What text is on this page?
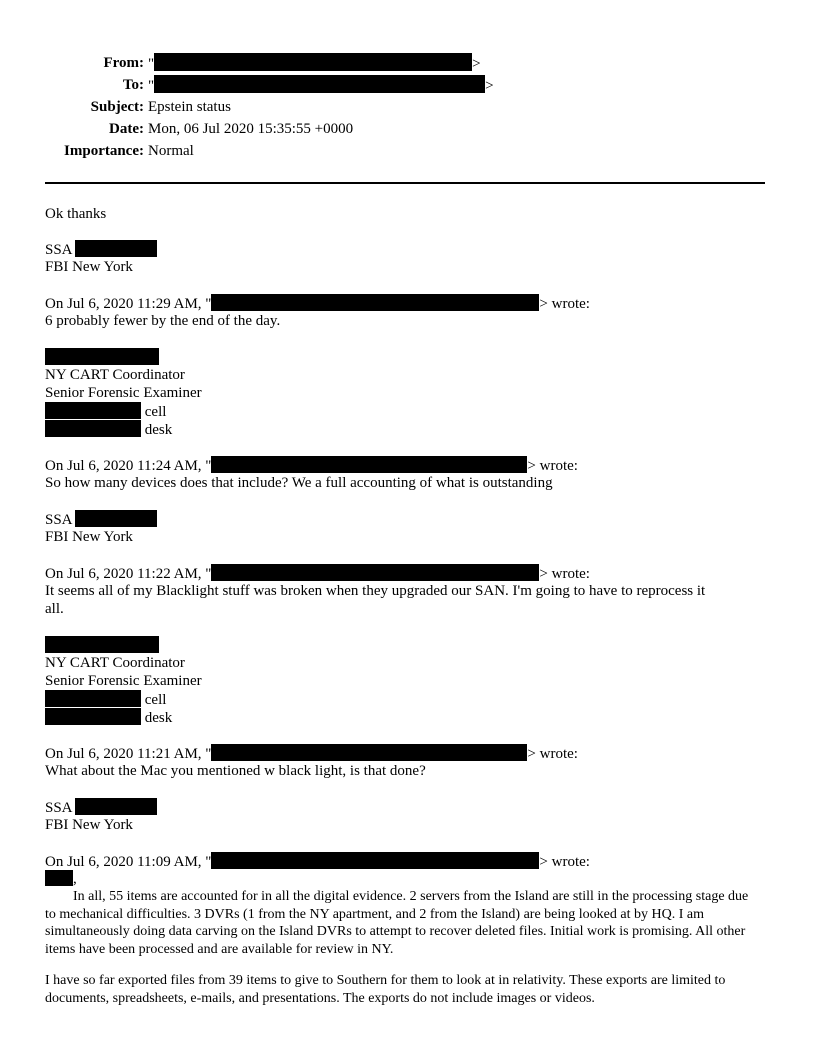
From: "	>
To: "	>
Subject: Epstein status
Date: Mon, 06 Jul 2020 15:35:55 +0000
Importance: Normal
Ok thanks
SSA
FBI New York
On Jul 6, 2020 11:29 AM, "	> wrote:
6 probably fewer by the end of the day.
NY CART Coordinator
Senior Forensic Examiner
cell
desk
On Jul 6, 2020 11:24 AM, "	> wrote:
So how many devices does that include? We a full accounting of what is outstanding
SSA
FBI New York
On Jul 6, 2020 11:22 AM, "	> wrote:
It seems all of my Blacklight stuff was broken when they upgraded our SAN. I'm going to have to reprocess it
all.
NY CART Coordinator
Senior Forensic Examiner
cell
desk
On Jul 6, 2020 11:21 AM, "	> wrote:
What about the Mac you mentioned w black light, is that done?
SSA
FBI New York
On Jul 6, 2020 11:09 AM, "	> wrote:
,
In all, 55 items are accounted for in all the digital evidence. 2 servers from the Island are still in the processing stage due to mechanical difficulties. 3 DVRs (1 from the NY apartment, and 2 from the Island) are being looked at by HQ. I am simultaneously doing data carving on the Island DVRs to attempt to recover deleted files. Initial work is promising. All other items have been processed and are available for review in NY.
I have so far exported files from 39 items to give to Southern for them to look at in relativity. These exports are limited to documents, spreadsheets, e-mails, and presentations. The exports do not include images or videos.
